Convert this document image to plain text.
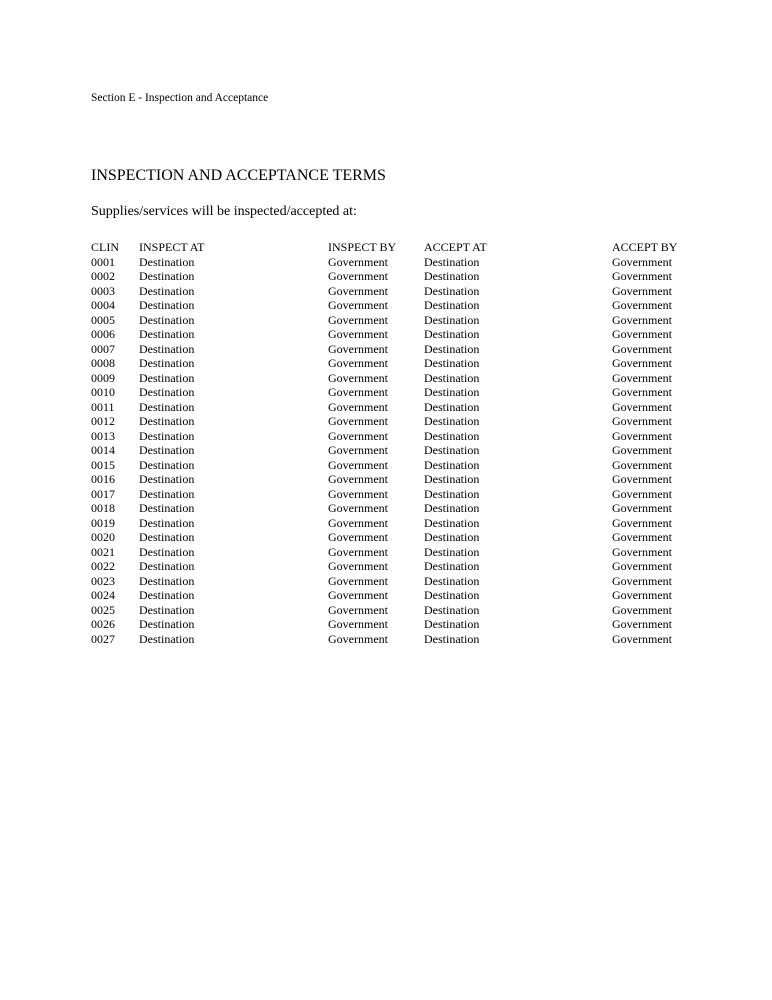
Section E - Inspection and Acceptance
INSPECTION AND ACCEPTANCE TERMS
Supplies/services will be inspected/accepted at:
CLIN	INSPECT AT	INSPECT BY	ACCEPT AT	ACCEPT BY
0001	Destination	Government	Destination	Government
0002	Destination	Government	Destination	Government
0003	Destination	Government	Destination	Government
0004	Destination	Government	Destination	Government
0005	Destination	Government	Destination	Government
0006	Destination	Government	Destination	Government
0007	Destination	Government	Destination	Government
0008	Destination	Government	Destination	Government
0009	Destination	Government	Destination	Government
0010	Destination	Government	Destination	Government
0011	Destination	Government	Destination	Government
0012	Destination	Government	Destination	Government
0013	Destination	Government	Destination	Government
0014	Destination	Government	Destination	Government
0015	Destination	Government	Destination	Government
0016	Destination	Government	Destination	Government
0017	Destination	Government	Destination	Government
0018	Destination	Government	Destination	Government
0019	Destination	Government	Destination	Government
0020	Destination	Government	Destination	Government
0021	Destination	Government	Destination	Government
0022	Destination	Government	Destination	Government
0023	Destination	Government	Destination	Government
0024	Destination	Government	Destination	Government
0025	Destination	Government	Destination	Government
0026	Destination	Government	Destination	Government
0027	Destination	Government	Destination	Government
